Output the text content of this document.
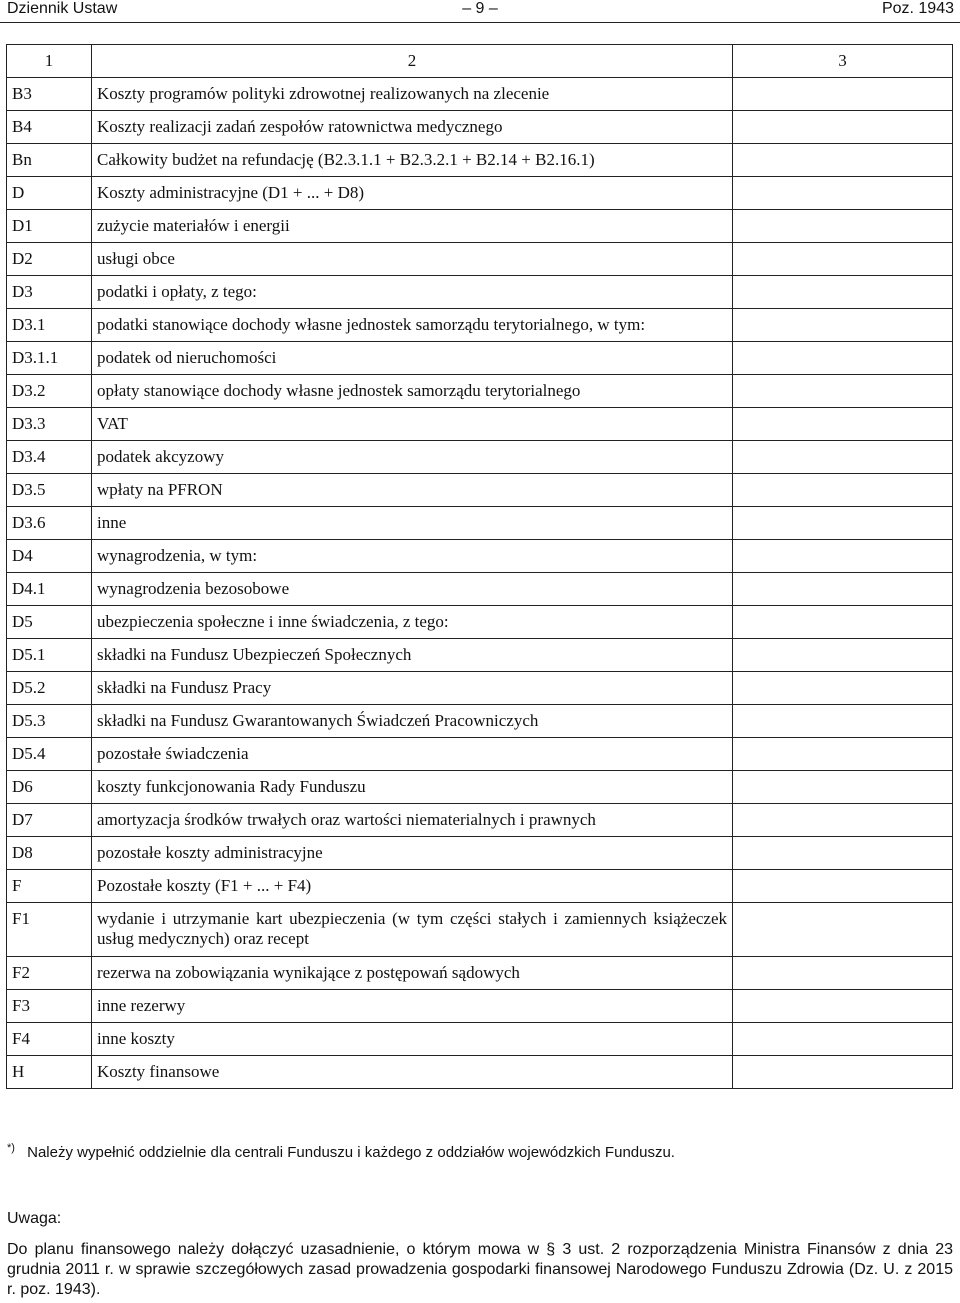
Dziennik Ustaw	– 9 –	Poz. 1943
1	2	3
B3	Koszty programów polityki zdrowotnej realizowanych na zlecenie	
B4	Koszty realizacji zadań zespołów ratownictwa medycznego	
Bn	Całkowity budżet na refundację (B2.3.1.1 + B2.3.2.1 + B2.14 + B2.16.1)	
D	Koszty administracyjne (D1 + ... + D8)	
D1	zużycie materiałów i energii	
D2	usługi obce	
D3	podatki i opłaty, z tego:	
D3.1	podatki stanowiące dochody własne jednostek samorządu terytorialnego, w tym:	
D3.1.1	podatek od nieruchomości	
D3.2	opłaty stanowiące dochody własne jednostek samorządu terytorialnego	
D3.3	VAT	
D3.4	podatek akcyzowy	
D3.5	wpłaty na PFRON	
D3.6	inne	
D4	wynagrodzenia, w tym:	
D4.1	wynagrodzenia bezosobowe	
D5	ubezpieczenia społeczne i inne świadczenia, z tego:	
D5.1	składki na Fundusz Ubezpieczeń Społecznych	
D5.2	składki na Fundusz Pracy	
D5.3	składki na Fundusz Gwarantowanych Świadczeń Pracowniczych	
D5.4	pozostałe świadczenia	
D6	koszty funkcjonowania Rady Funduszu	
D7	amortyzacja środków trwałych oraz wartości niematerialnych i prawnych	
D8	pozostałe koszty administracyjne	
F	Pozostałe koszty (F1 + ... + F4)	
F1	wydanie i utrzymanie kart ubezpieczenia (w tym części stałych i zamiennych książeczek usług medycznych) oraz recept	
F2	rezerwa na zobowiązania wynikające z postępowań sądowych	
F3	inne rezerwy	
F4	inne koszty	
H	Koszty finansowe	
*) Należy wypełnić oddzielnie dla centrali Funduszu i każdego z oddziałów wojewódzkich Funduszu.
Uwaga:
Do planu finansowego należy dołączyć uzasadnienie, o którym mowa w § 3 ust. 2 rozporządzenia Ministra Finansów z dnia 23 grudnia 2011 r. w sprawie szczegółowych zasad prowadzenia gospodarki finansowej Narodowego Funduszu Zdrowia (Dz. U. z 2015 r. poz. 1943).
